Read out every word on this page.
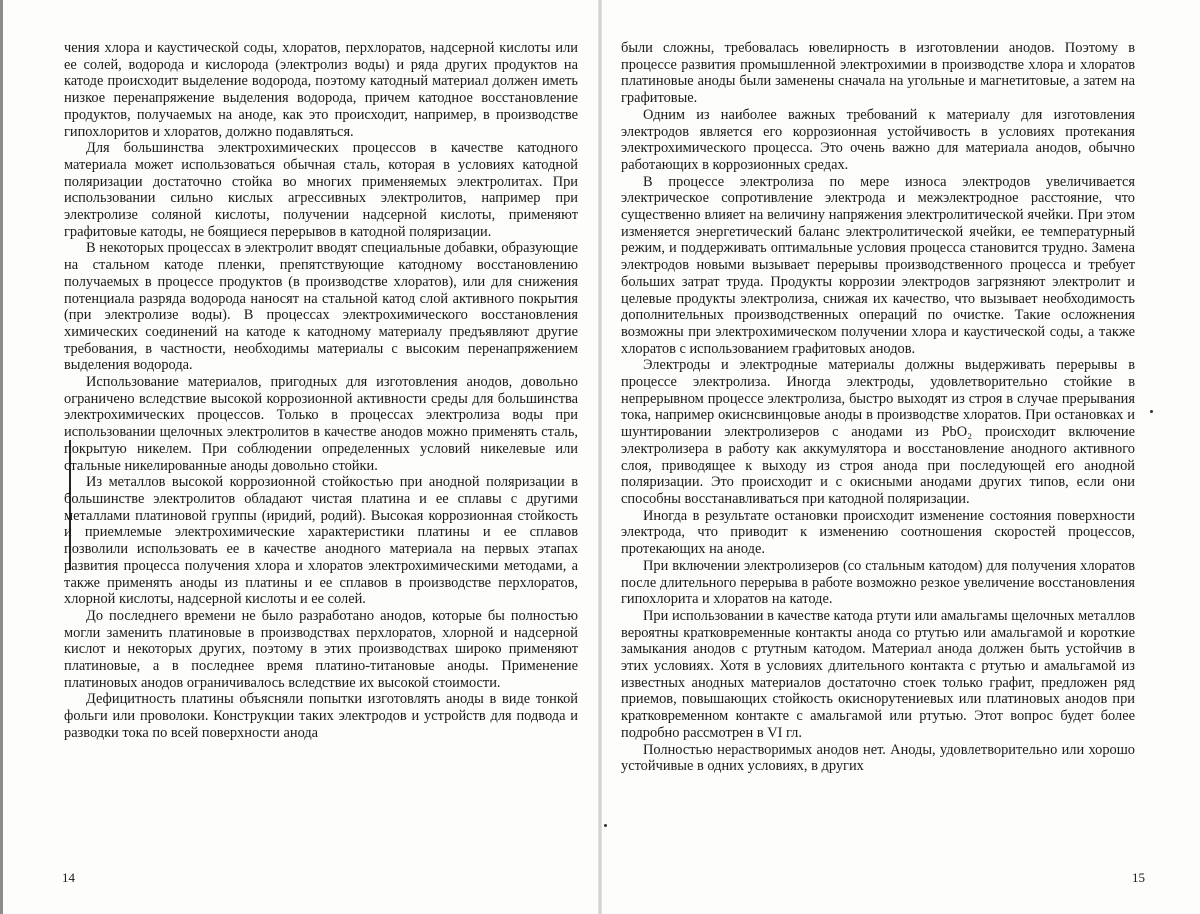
чения хлора и каустической соды, хлоратов, перхлоратов, надсерной кислоты или ее солей, водорода и кислорода (электролиз воды) и ряда других продуктов на катоде происходит выделение водорода, поэтому катодный материал должен иметь низкое перенапряжение выделения водорода, причем катодное восстановление продуктов, получаемых на аноде, как это происходит, например, в производстве гипохлоритов и хлоратов, должно подавляться.

Для большинства электрохимических процессов в качестве катодного материала может использоваться обычная сталь, которая в условиях катодной поляризации достаточно стойка во многих применяемых электролитах. При использовании сильно кислых агрессивных электролитов, например при электролизе соляной кислоты, получении надсерной кислоты, применяют графитовые катоды, не боящиеся перерывов в катодной поляризации.

В некоторых процессах в электролит вводят специальные добавки, образующие на стальном катоде пленки, препятствующие катодному восстановлению получаемых в процессе продуктов (в производстве хлоратов), или для снижения потенциала разряда водорода наносят на стальной катод слой активного покрытия (при электролизе воды). В процессах электрохимического восстановления химических соединений на катоде к катодному материалу предъявляют другие требования, в частности, необходимы материалы с высоким перенапряжением выделения водорода.

Использование материалов, пригодных для изготовления анодов, довольно ограничено вследствие высокой коррозионной активности среды для большинства электрохимических процессов. Только в процессах электролиза воды при использовании щелочных электролитов в качестве анодов можно применять сталь, покрытую никелем. При соблюдении определенных условий никелевые или стальные никелированные аноды довольно стойки.

Из металлов высокой коррозионной стойкостью при анодной поляризации в большинстве электролитов обладают чистая платина и ее сплавы с другими металлами платиновой группы (иридий, родий). Высокая коррозионная стойкость и приемлемые электрохимические характеристики платины и ее сплавов позволили использовать ее в качестве анодного материала на первых этапах развития процесса получения хлора и хлоратов электрохимическими методами, а также применять аноды из платины и ее сплавов в производстве перхлоратов, хлорной кислоты, надсерной кислоты и ее солей.

До последнего времени не было разработано анодов, которые бы полностью могли заменить платиновые в производствах перхлоратов, хлорной и надсерной кислот и некоторых других, поэтому в этих производствах широко применяют платиновые, а в последнее время платино-титановые аноды. Применение платиновых анодов ограничивалось вследствие их высокой стоимости.

Дефицитность платины объясняли попытки изготовлять аноды в виде тонкой фольги или проволоки. Конструкции таких электродов и устройств для подвода и разводки тока по всей поверхности анода

14

были сложны, требовалась ювелирность в изготовлении анодов. Поэтому в процессе развития промышленной электрохимии в производстве хлора и хлоратов платиновые аноды были заменены сначала на угольные и магнетитовые, а затем на графитовые.

Одним из наиболее важных требований к материалу для изготовления электродов является его коррозионная устойчивость в условиях протекания электрохимического процесса. Это очень важно для материала анодов, обычно работающих в коррозионных средах.

В процессе электролиза по мере износа электродов увеличивается электрическое сопротивление электрода и межэлектродное расстояние, что существенно влияет на величину напряжения электролитической ячейки. При этом изменяется энергетический баланс электролитической ячейки, ее температурный режим, и поддерживать оптимальные условия процесса становится трудно. Замена электродов новыми вызывает перерывы производственного процесса и требует больших затрат труда. Продукты коррозии электродов загрязняют электролит и целевые продукты электролиза, снижая их качество, что вызывает необходимость дополнительных производственных операций по очистке. Такие осложнения возможны при электрохимическом получении хлора и каустической соды, а также хлоратов с использованием графитовых анодов.

Электроды и электродные материалы должны выдерживать перерывы в процессе электролиза. Иногда электроды, удовлетворительно стойкие в непрерывном процессе электролиза, быстро выходят из строя в случае прерывания тока, например окиснсвинцовые аноды в производстве хлоратов. При остановках и шунтировании электролизеров с анодами из PbO₂ происходит включение электролизера в работу как аккумулятора и восстановление анодного активного слоя, приводящее к выходу из строя анода при последующей его анодной поляризации. Это происходит и с окисными анодами других типов, если они способны восстанавливаться при катодной поляризации.

Иногда в результате остановки происходит изменение состояния поверхности электрода, что приводит к изменению соотношения скоростей процессов, протекающих на аноде.

При включении электролизеров (со стальным катодом) для получения хлоратов после длительного перерыва в работе возможно резкое увеличение восстановления гипохлорита и хлоратов на катоде.

При использовании в качестве катода ртути или амальгамы щелочных металлов вероятны кратковременные контакты анода со ртутью или амальгамой и короткие замыкания анодов с ртутным катодом. Материал анода должен быть устойчив в этих условиях. Хотя в условиях длительного контакта с ртутью и амальгамой из известных анодных материалов достаточно стоек только графит, предложен ряд приемов, повышающих стойкость окиснорутениевых или платиновых анодов при кратковременном контакте с амальгамой или ртутью. Этот вопрос будет более подробно рассмотрен в VI гл.

Полностью нерастворимых анодов нет. Аноды, удовлетворительно или хорошо устойчивые в одних условиях, в других

15
